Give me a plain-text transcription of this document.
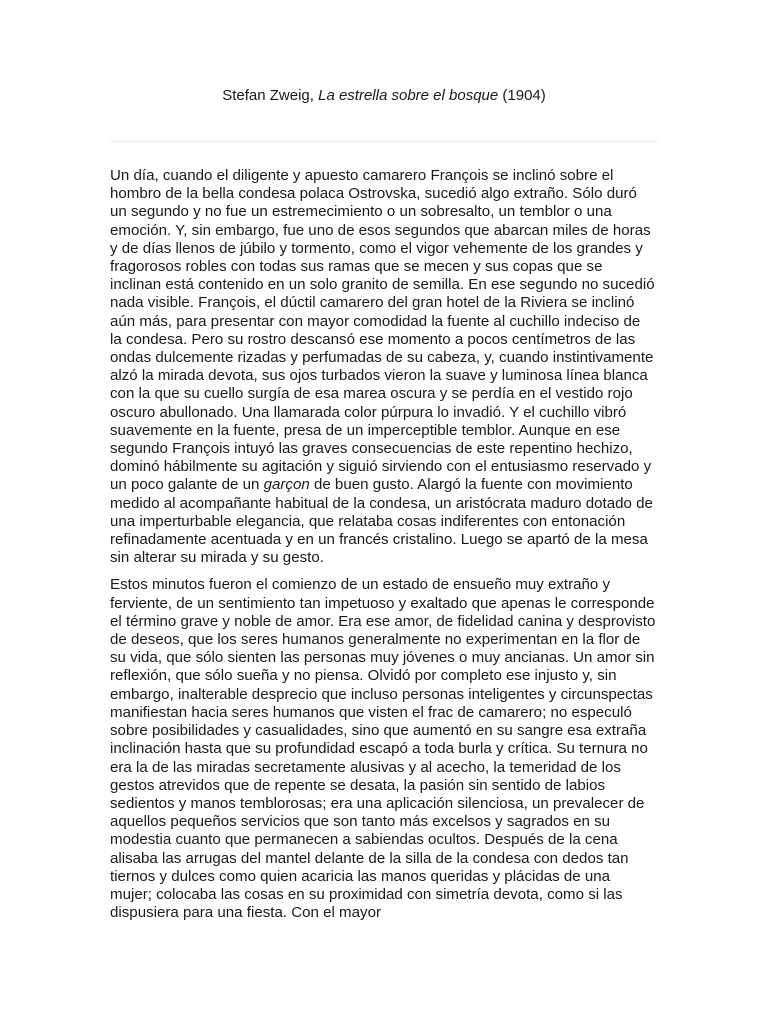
Stefan Zweig, La estrella sobre el bosque (1904)

Un día, cuando el diligente y apuesto camarero François se inclinó sobre el hombro de la bella condesa polaca Ostrovska, sucedió algo extraño. Sólo duró un segundo y no fue un estremecimiento o un sobresalto, un temblor o una emoción. Y, sin embargo, fue uno de esos segundos que abarcan miles de horas y de días llenos de júbilo y tormento, como el vigor vehemente de los grandes y fragorosos robles con todas sus ramas que se mecen y sus copas que se inclinan está contenido en un solo granito de semilla. En ese segundo no sucedió nada visible. François, el dúctil camarero del gran hotel de la Riviera se inclinó aún más, para presentar con mayor comodidad la fuente al cuchillo indeciso de la condesa. Pero su rostro descansó ese momento a pocos centímetros de las ondas dulcemente rizadas y perfumadas de su cabeza, y, cuando instintivamente alzó la mirada devota, sus ojos turbados vieron la suave y luminosa línea blanca con la que su cuello surgía de esa marea oscura y se perdía en el vestido rojo oscuro abullonado. Una llamarada color púrpura lo invadió. Y el cuchillo vibró suavemente en la fuente, presa de un imperceptible temblor. Aunque en ese segundo François intuyó las graves consecuencias de este repentino hechizo, dominó hábilmente su agitación y siguió sirviendo con el entusiasmo reservado y un poco galante de un garçon de buen gusto. Alargó la fuente con movimiento medido al acompañante habitual de la condesa, un aristócrata maduro dotado de una imperturbable elegancia, que relataba cosas indiferentes con entonación refinadamente acentuada y en un francés cristalino. Luego se apartó de la mesa sin alterar su mirada y su gesto.

Estos minutos fueron el comienzo de un estado de ensueño muy extraño y ferviente, de un sentimiento tan impetuoso y exaltado que apenas le corresponde el término grave y noble de amor. Era ese amor, de fidelidad canina y desprovisto de deseos, que los seres humanos generalmente no experimentan en la flor de su vida, que sólo sienten las personas muy jóvenes o muy ancianas. Un amor sin reflexión, que sólo sueña y no piensa. Olvidó por completo ese injusto y, sin embargo, inalterable desprecio que incluso personas inteligentes y circunspectas manifiestan hacia seres humanos que visten el frac de camarero; no especuló sobre posibilidades y casualidades, sino que aumentó en su sangre esa extraña inclinación hasta que su profundidad escapó a toda burla y crítica. Su ternura no era la de las miradas secretamente alusivas y al acecho, la temeridad de los gestos atrevidos que de repente se desata, la pasión sin sentido de labios sedientos y manos temblorosas; era una aplicación silenciosa, un prevalecer de aquellos pequeños servicios que son tanto más excelsos y sagrados en su modestia cuanto que permanecen a sabiendas ocultos. Después de la cena alisaba las arrugas del mantel delante de la silla de la condesa con dedos tan tiernos y dulces como quien acaricia las manos queridas y plácidas de una mujer; colocaba las cosas en su proximidad con simetría devota, como si las dispusiera para una fiesta. Con el mayor
